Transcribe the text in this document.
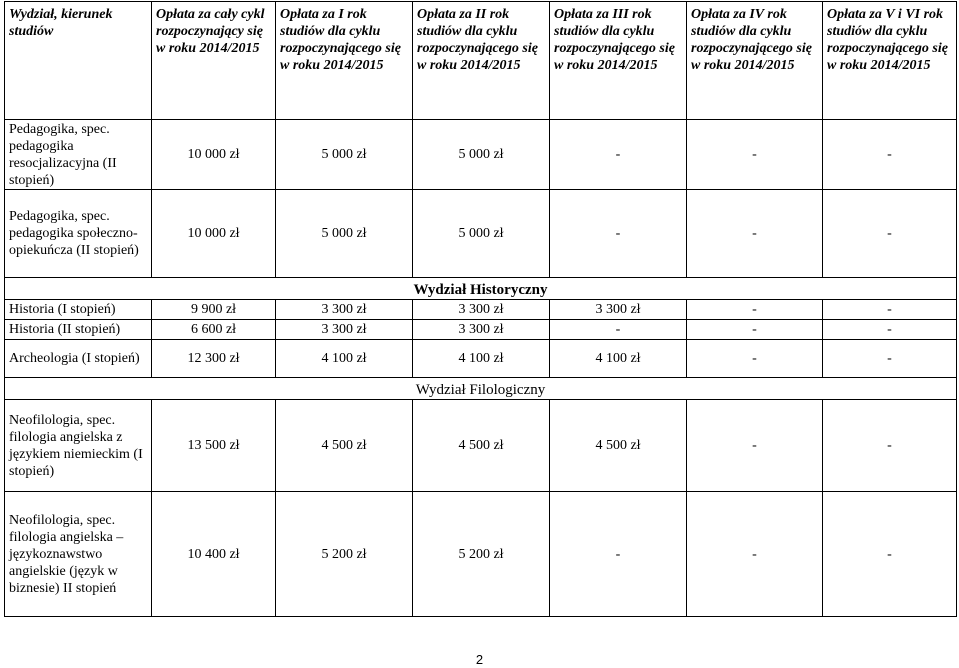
Wydział, kierunek studiów	Opłata za cały cykl rozpoczynający się w roku 2014/2015	Opłata za I rok studiów dla cyklu rozpoczynającego się w roku 2014/2015	Opłata za II rok studiów dla cyklu rozpoczynającego się w roku 2014/2015	Opłata za III rok studiów dla cyklu rozpoczynającego się w roku 2014/2015	Opłata za IV rok studiów dla cyklu rozpoczynającego się w roku 2014/2015	Opłata za V i VI rok studiów dla cyklu rozpoczynającego się w roku 2014/2015
Pedagogika, spec. pedagogika resocjalizacyjna (II stopień)	10 000 zł	5 000 zł	5 000 zł	-	-	-
Pedagogika, spec. pedagogika społeczno-opiekuńcza (II stopień)	10 000 zł	5 000 zł	5 000 zł	-	-	-
Wydział Historyczny						
Historia (I stopień)	9 900 zł	3 300 zł	3 300 zł	3 300 zł	-	-
Historia (II stopień)	6 600 zł	3 300 zł	3 300 zł	-	-	-
Archeologia (I stopień)	12 300 zł	4 100 zł	4 100 zł	4 100 zł	-	-
Wydział Filologiczny						
Neofilologia, spec. filologia angielska z językiem niemieckim (I stopień)	13 500 zł	4 500 zł	4 500 zł	4 500 zł	-	-
Neofilologia, spec. filologia angielska – językoznawstwo angielskie (język w biznesie) II stopień	10 400 zł	5 200 zł	5 200 zł	-	-	-
2
